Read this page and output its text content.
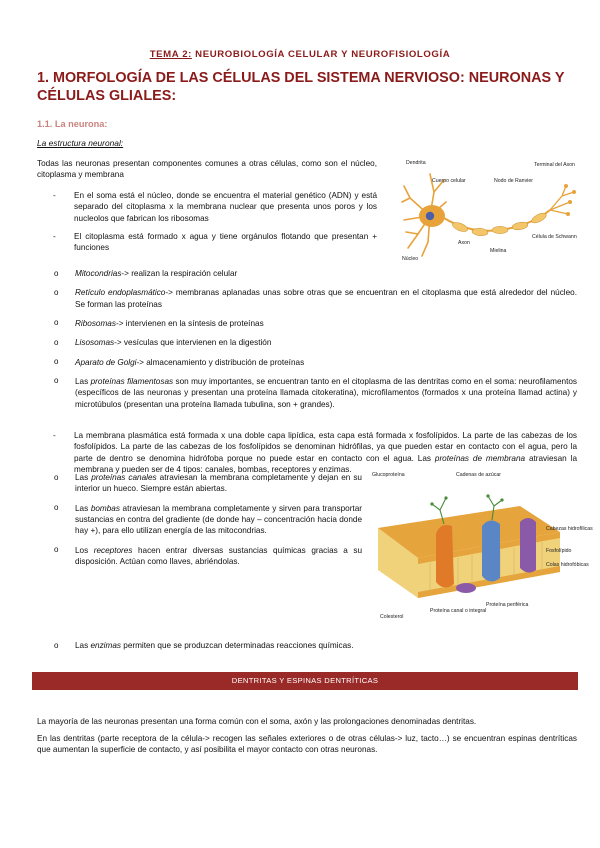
TEMA 2: NEUROBIOLOGÍA CELULAR Y NEUROFISIOLOGÍA
1. MORFOLOGÍA DE LAS CÉLULAS DEL SISTEMA NERVIOSO: NEURONAS Y CÉLULAS GLIALES:
1.1. La neurona:
La estructura neuronal:
Todas las neuronas presentan componentes comunes a otras células, como son el núcleo, citoplasma y membrana
- En el soma está el núcleo, donde se encuentra el material genético (ADN) y está separado del citoplasma x la membrana nuclear que presenta unos poros y los nucleolos que fabrican los ribosomas
- El citoplasma está formado x agua y tiene orgánulos flotando que presentan + funciones
o Mitocondrias-> realizan la respiración celular
o Retículo endoplasmático-> membranas aplanadas unas sobre otras que se encuentran en el citoplasma que está alrededor del núcleo. Se forman las proteínas
o Ribosomas-> intervienen en la síntesis de proteínas
o Lisosomas-> vesículas que intervienen en la digestión
o Aparato de Golgi-> almacenamiento y distribución de proteínas
o Las proteínas filamentosas son muy importantes, se encuentran tanto en el citoplasma de las dentritas como en el soma: neurofilamentos (específicos de las neuronas y presentan una proteína llamada citokeratina), microfilamentos (formados x una proteína llamad actina) y microtúbulos (presentan una proteína llamada tubulina, son + grandes).
- La membrana plasmática está formada x una doble capa lipídica, esta capa está formada x fosfolípidos. La parte de las cabezas de los fosfolípidos. La parte de las cabezas de los fosfolípidos se denominan hidrófilas, ya que pueden estar en contacto con el agua, pero la parte de dentro se denomina hidrófoba porque no puede estar en contacto con el agua. Las proteínas de membrana atraviesan la membrana y pueden ser de 4 tipos: canales, bombas, receptores y enzimas.
o Las proteínas canales atraviesan la membrana completamente y dejan en su interior un hueco. Siempre están abiertas.
o Las bombas atraviesan la membrana completamente y sirven para transportar sustancias en contra del gradiente (de donde hay – concentración hacia donde hay +), para ello utilizan energía de las mitocondrias.
o Los receptores hacen entrar diversas sustancias químicas gracias a su disposición. Actúan como llaves, abriéndolas.
o Las enzimas permiten que se produzcan determinadas reacciones químicas.
Dendrita
Cuerpo celular	Nodo de Ranvier
Terminal del Axon
Núcleo
Axon
Mielina
Célula de Schwann
Glucoproteína	Cadenas de azúcar
Fosfolípido
Colesterol
Proteína canal o integral
Proteína periférica
Colas hidrofóbicas
Cabezas hidrofílicas
DENTRITAS Y ESPINAS DENTRÍTICAS
La mayoría de las neuronas presentan una forma común con el soma, axón y las prolongaciones denominadas dentritas.
En las dentritas (parte receptora de la célula-> recogen las señales exteriores o de otras células-> luz, tacto…) se encuentran espinas dentríticas que aumentan la superficie de contacto, y así posibilita el mayor contacto con otras neuronas.
